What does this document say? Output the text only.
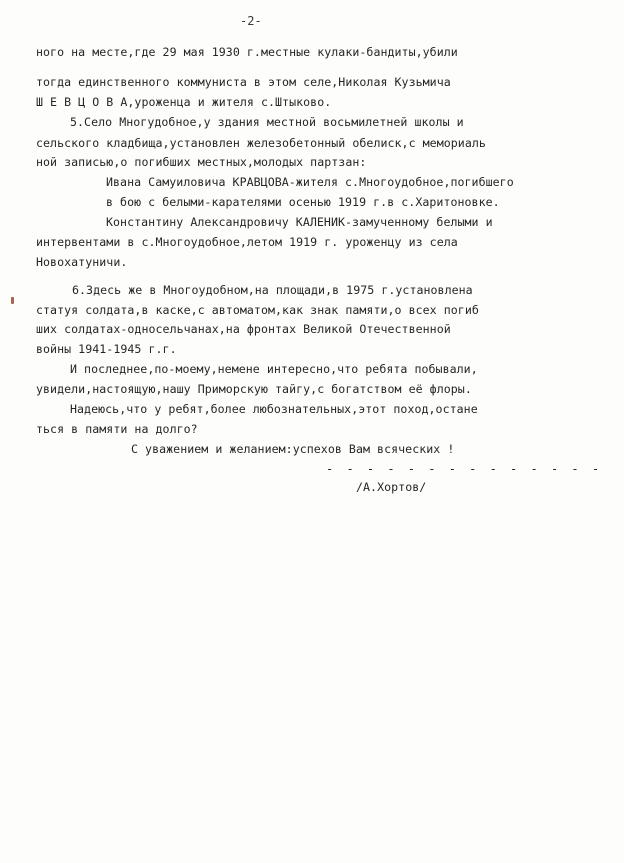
-2-
ного на месте,где 29 мая 1930 г.местные кулаки-бандиты,убили
тогда единственного коммуниста в этом селе,Николая Кузьмича
Ш Е В Ц О В А,уроженца и жителя с.Штыково.
5.Село Многудобное,у здания местной восьмилетней школы и
сельского кладбища,установлен железобетонный обелиск,с мемориаль
ной записью,о погибших местных,молодых партзан:
Ивана Самуиловича КРАВЦОВА-жителя с.Многоудобное,погибшего
в бою с белыми-карателями осенью 1919 г.в с.Харитоновке.
Константину Александровичу КАЛЕНИК-замученному белыми и
интервентами в с.Многоудобное,летом 1919 г. уроженцу из села
Новохатуничи.
6.Здесь же в Многоудобном,на площади,в 1975 г.установлена
статуя солдата,в каске,с автоматом,как знак памяти,о всех погиб
ших солдатах-односельчанах,на фронтах Великой Отечественной
войны 1941-1945 г.г.
И последнее,по-моему,немене интересно,что ребята побывали,
увидели,настоящую,нашу Приморскую тайгу,с богатством её флоры.
Надеюсь,что у ребят,более любознательных,этот поход,остане
ться в памяти на долго?
С уважением и желанием:успехов Вам всяческих !
- - - - - - - - - - - - - -
/А.Хортов/
